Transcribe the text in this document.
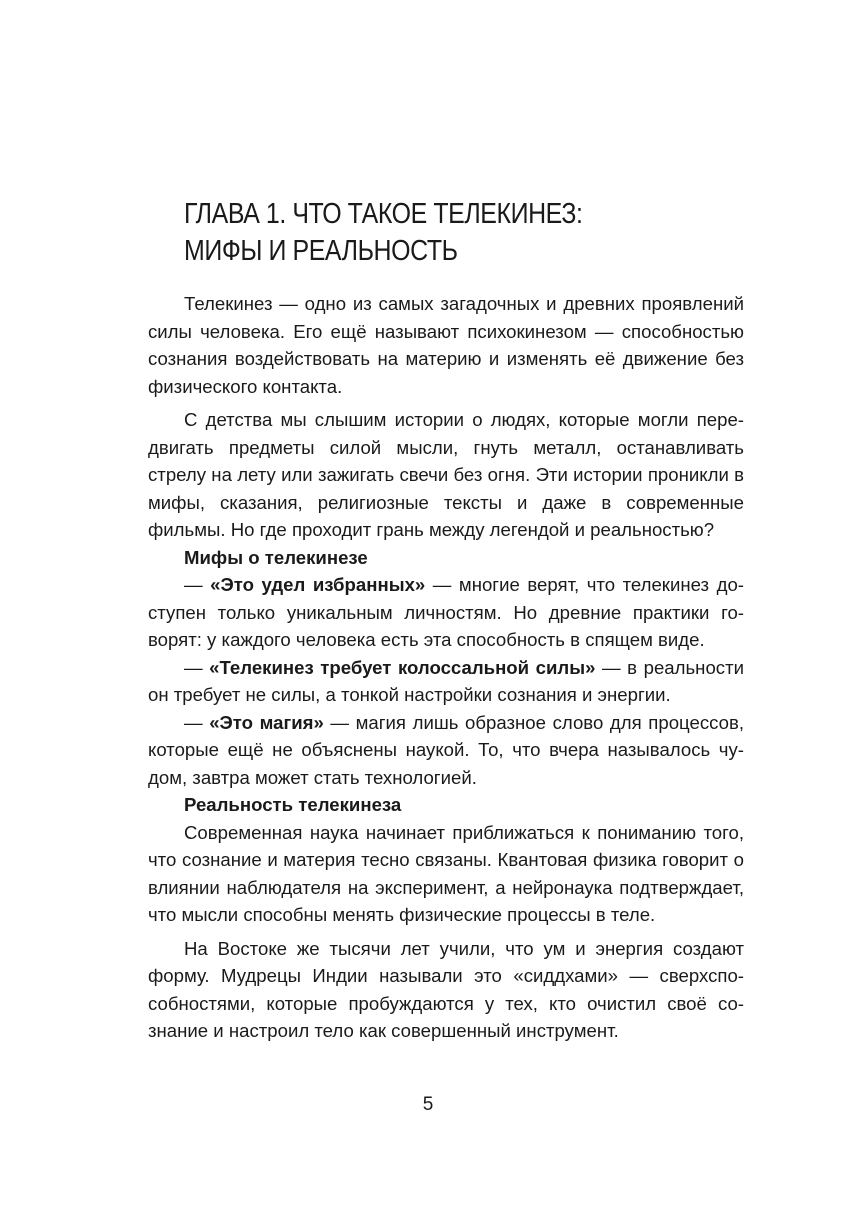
ГЛАВА 1. ЧТО ТАКОЕ ТЕЛЕКИНЕЗ:
МИФЫ И РЕАЛЬНОСТЬ

Телекинез — одно из самых загадочных и древних проявлений силы человека. Его ещё называют психокинезом — способностью сознания воздействовать на материю и изменять её движение без физического контакта.

С детства мы слышим истории о людях, которые могли передвигать предметы силой мысли, гнуть металл, останавливать стрелу на лету или зажигать свечи без огня. Эти истории проникли в мифы, сказания, религиозные тексты и даже в современные фильмы. Но где проходит грань между легендой и реальностью?

Мифы о телекинезе

— «Это удел избранных» — многие верят, что телекинез доступен только уникальным личностям. Но древние практики говорят: у каждого человека есть эта способность в спящем виде.

— «Телекинез требует колоссальной силы» — в реальности он требует не силы, а тонкой настройки сознания и энергии.

— «Это магия» — магия лишь образное слово для процессов, которые ещё не объяснены наукой. То, что вчера называлось чудом, завтра может стать технологией.

Реальность телекинеза

Современная наука начинает приближаться к пониманию того, что сознание и материя тесно связаны. Квантовая физика говорит о влиянии наблюдателя на эксперимент, а нейронаука подтверждает, что мысли способны менять физические процессы в теле.

На Востоке же тысячи лет учили, что ум и энергия создают форму. Мудрецы Индии называли это «сиддхами» — сверхспособностями, которые пробуждаются у тех, кто очистил своё сознание и настроил тело как совершенный инструмент.

5
